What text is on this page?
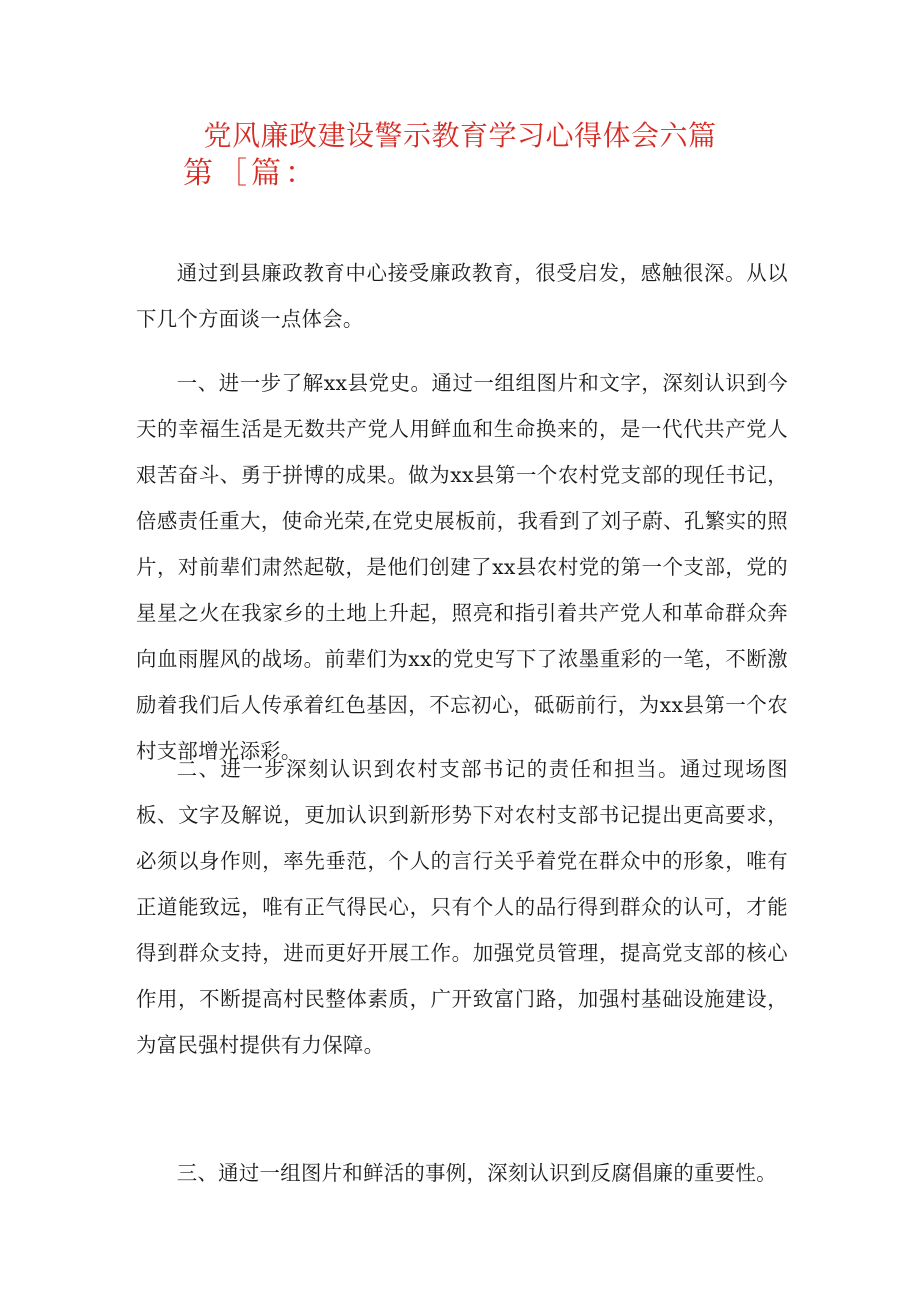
党风廉政建设警示教育学习心得体会六篇
第［篇：

通过到县廉政教育中心接受廉政教育，很受启发，感触很深。从以下几个方面谈一点体会。

一、进一步了解xx县党史。通过一组组图片和文字，深刻认识到今天的幸福生活是无数共产党人用鲜血和生命换来的，是一代代共产党人艰苦奋斗、勇于拼博的成果。做为xx县第一个农村党支部的现任书记，倍感责任重大，使命光荣,在党史展板前，我看到了刘子蔚、孔繁实的照片，对前辈们肃然起敬，是他们创建了xx县农村党的第一个支部，党的星星之火在我家乡的土地上升起，照亮和指引着共产党人和革命群众奔向血雨腥风的战场。前辈们为xx的党史写下了浓墨重彩的一笔，不断激励着我们后人传承着红色基因，不忘初心，砥砺前行，为xx县第一个农村支部增光添彩。

二、进一步深刻认识到农村支部书记的责任和担当。通过现场图板、文字及解说，更加认识到新形势下对农村支部书记提出更高要求，必须以身作则，率先垂范，个人的言行关乎着党在群众中的形象，唯有正道能致远，唯有正气得民心，只有个人的品行得到群众的认可，才能得到群众支持，进而更好开展工作。加强党员管理，提高党支部的核心作用，不断提高村民整体素质，广开致富门路，加强村基础设施建设，为富民强村提供有力保障。

三、通过一组图片和鲜活的事例，深刻认识到反腐倡廉的重要性。
